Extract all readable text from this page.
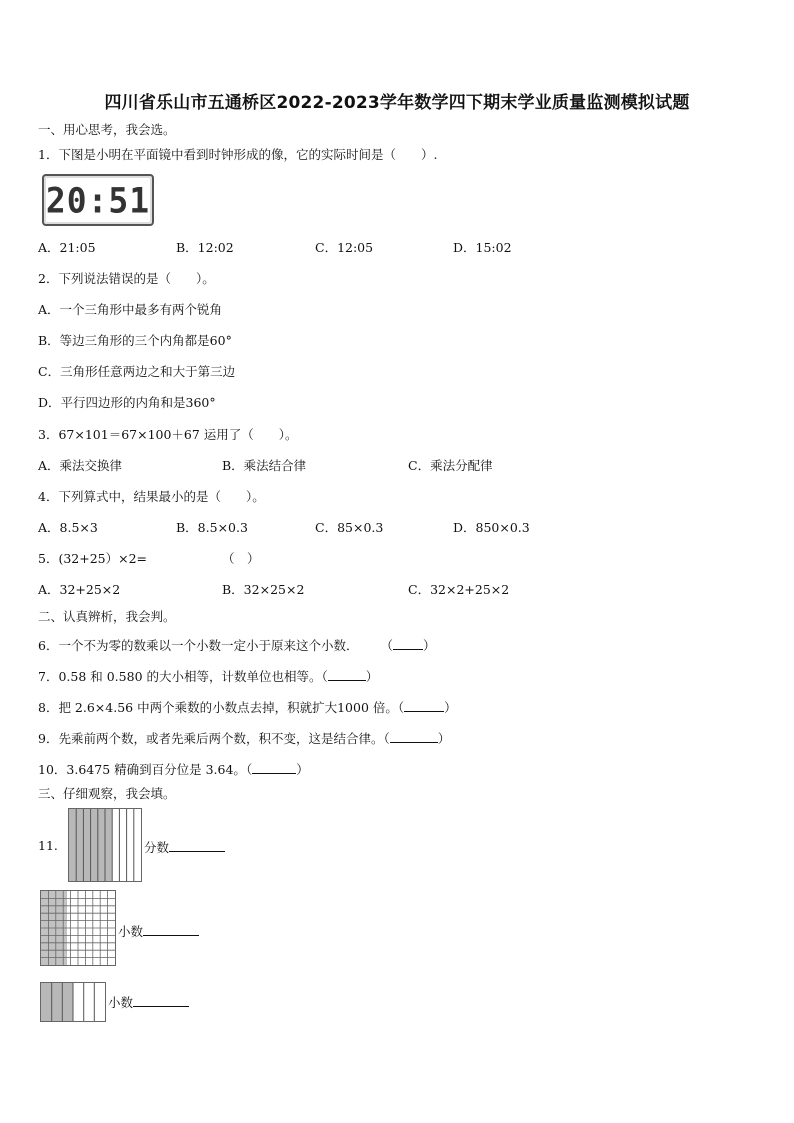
四川省乐山市五通桥区2022-2023学年数学四下期末学业质量监测模拟试题
一、用心思考，我会选。
1．下图是小明在平面镜中看到时钟形成的像，它的实际时间是（　　）.
20:51
A．21:05	B．12:02	C．12:05	D．15:02
2．下列说法错误的是（　　）。
A．一个三角形中最多有两个锐角
B．等边三角形的三个内角都是60°
C．三角形任意两边之和大于第三边
D．平行四边形的内角和是360°
3．67×101＝67×100＋67 运用了（　　）。
A．乘法交换律	B．乘法结合律	C．乘法分配律
4．下列算式中，结果最小的是（　　）。
A．8.5×3	B．8.5×0.3	C．85×0.3	D．850×0.3
5．(32+25）×2=	（　）
A．32+25×2	B．32×25×2	C．32×2+25×2
二、认真辨析，我会判。
6．一个不为零的数乘以一个小数一定小于原来这个小数． （ ）
7．0.58 和 0.580 的大小相等，计数单位也相等。（	）
8．把 2.6×4.56 中两个乘数的小数点去掉，积就扩大1000 倍。（	）
9．先乘前两个数，或者先乘后两个数，积不变，这是结合律。（	）
10．3.6475 精确到百分位是 3.64。（	）
三、仔细观察，我会填。
11.	分数
小数
小数
